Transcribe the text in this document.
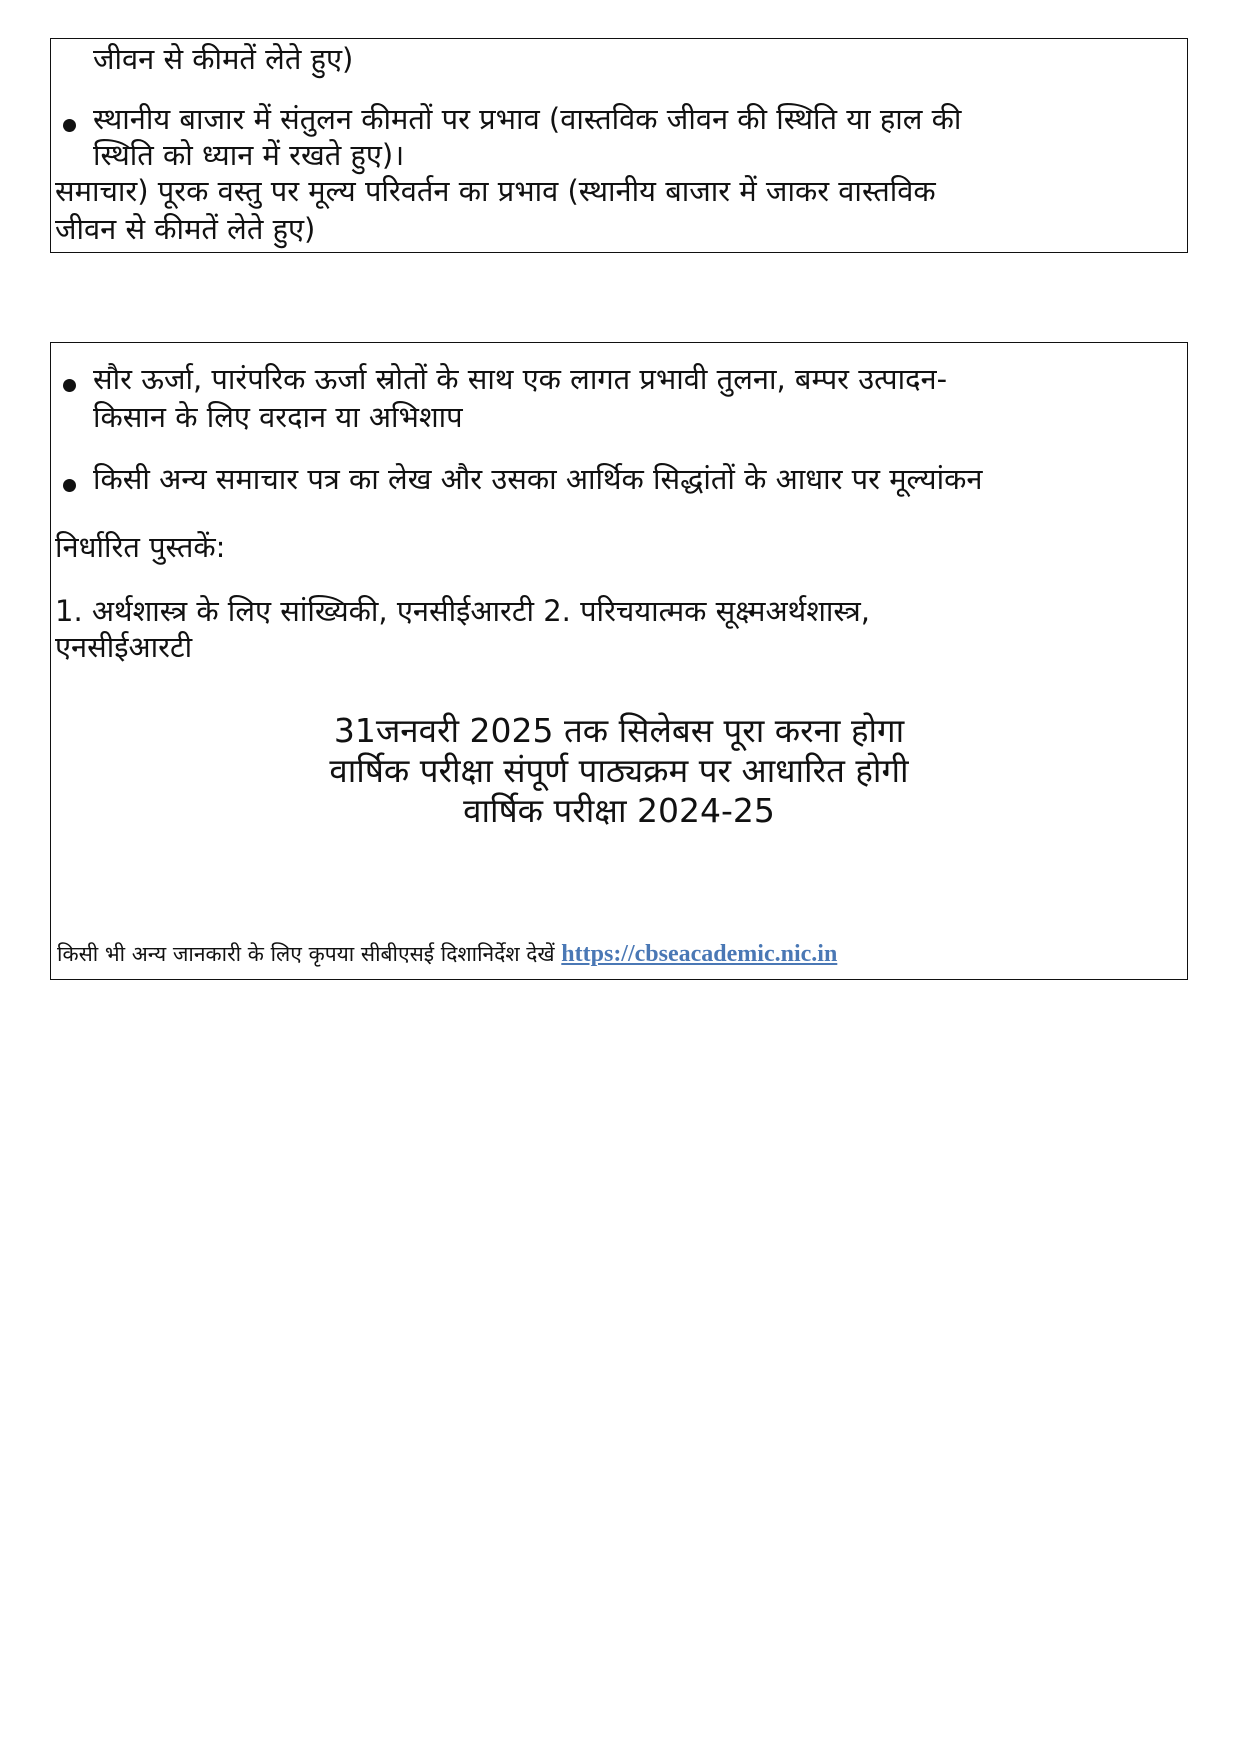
जीवन से कीमतें लेते हुए)
स्थानीय बाजार में संतुलन कीमतों पर प्रभाव (वास्तविक जीवन की स्थिति या हाल की
स्थिति को ध्यान में रखते हुए)।
समाचार) पूरक वस्तु पर मूल्य परिवर्तन का प्रभाव (स्थानीय बाजार में जाकर वास्तविक
जीवन से कीमतें लेते हुए)
सौर ऊर्जा, पारंपरिक ऊर्जा स्रोतों के साथ एक लागत प्रभावी तुलना, बम्पर उत्पादन-
किसान के लिए वरदान या अभिशाप
किसी अन्य समाचार पत्र का लेख और उसका आर्थिक सिद्धांतों के आधार पर मूल्यांकन
निर्धारित पुस्तकें:
1. अर्थशास्त्र के लिए सांख्यिकी, एनसीईआरटी 2. परिचयात्मक सूक्ष्मअर्थशास्त्र,
एनसीईआरटी
31जनवरी 2025 तक सिलेबस पूरा करना होगा
वार्षिक परीक्षा संपूर्ण पाठ्यक्रम पर आधारित होगी
वार्षिक परीक्षा 2024-25
किसी भी अन्य जानकारी के लिए कृपया सीबीएसई दिशानिर्देश देखें https://cbseacademic.nic.in
